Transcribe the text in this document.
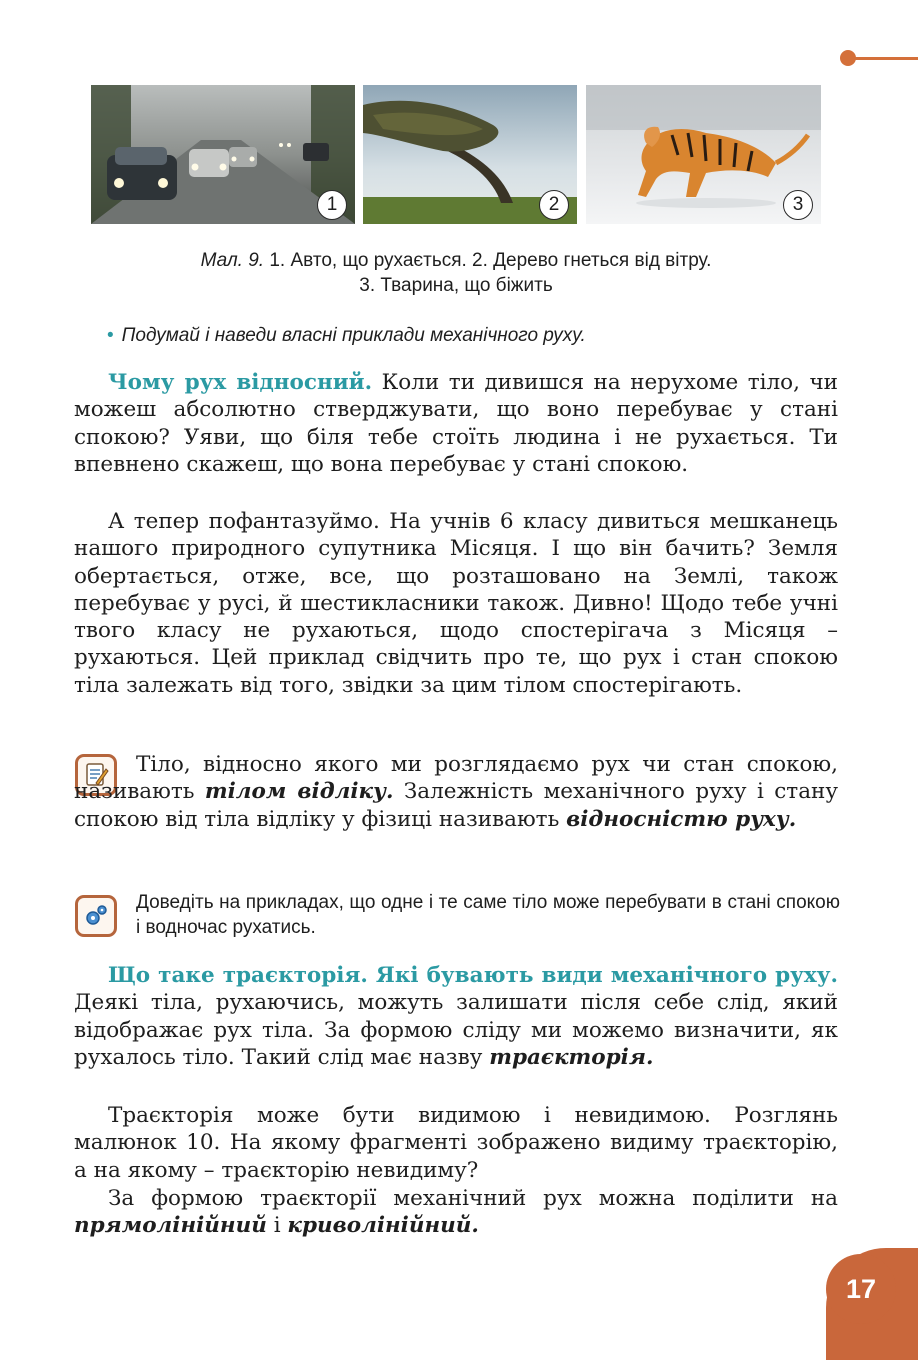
1	2	3
Мал. 9. 1. Авто, що рухається. 2. Дерево гнеться від вітру.
3. Тварина, що біжить
• Подумай і наведи власні приклади механічного руху.
Чому рух відносний. Коли ти дивишся на нерухоме тіло, чи можеш абсолютно стверджувати, що воно перебуває у стані спокою? Уяви, що біля тебе стоїть людина і не рухається. Ти впевнено скажеш, що вона перебуває у стані спокою.
А тепер пофантазуймо. На учнів 6 класу дивиться мешканець нашого природного супутника Місяця. І що він бачить? Земля обертається, отже, все, що розташовано на Землі, також перебуває у русі, й шестикласники також. Дивно! Щодо тебе учні твого класу не рухаються, щодо спостерігача з Місяця – рухаються. Цей приклад свідчить про те, що рух і стан спокою тіла залежать від того, звідки за цим тілом спостерігають.
Тіло, відносно якого ми розглядаємо рух чи стан спокою, називають тілом відліку. Залежність механічного руху і стану спокою від тіла відліку у фізиці називають відносністю руху.
Доведіть на прикладах, що одне і те саме тіло може перебувати в стані спокою і водночас рухатись.
Що таке траєкторія. Які бувають види механічного руху. Деякі тіла, рухаючись, можуть залишати після себе слід, який відображає рух тіла. За формою сліду ми можемо визначити, як рухалось тіло. Такий слід має назву траєкторія.
Траєкторія може бути видимою і невидимою. Розглянь малюнок 10. На якому фрагменті зображено видиму траєкторію, а на якому – траєкторію невидиму?
За формою траєкторії механічний рух можна поділити на прямолінійний і криволінійний.
17
